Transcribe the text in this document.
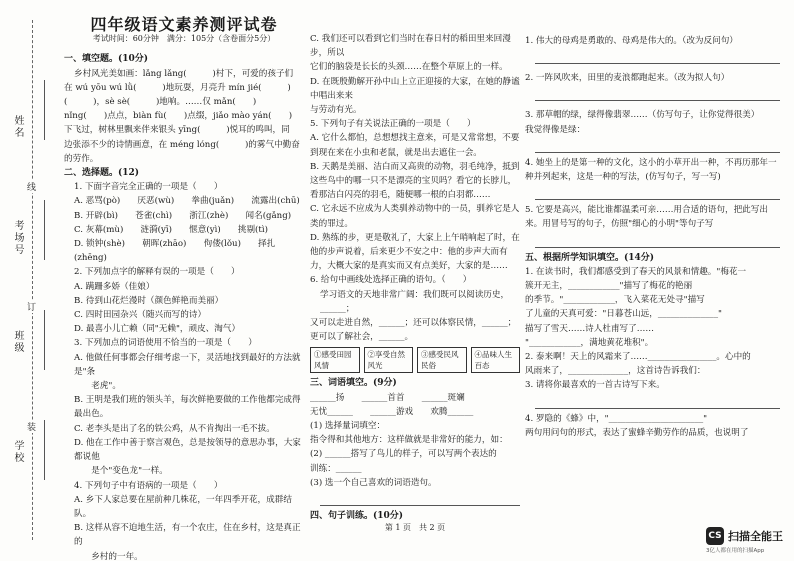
姓名
考场号
班级
学校
线
订
装
四年级语文素养测评试卷
考试时间：60分钟　满分：105分（含卷面分5分）

一、填空题。(10分)

乡村风光美如画：lǎng lǎng(　　　)村下，可爱的孩子们

在 wú yōu wú lǜ(　　　)地玩耍，月亮升 mín jié(　　　)

(　　　)，sè sè(　　　)地响。……仅 mǎn(　　)

nǐng(　　)点点，biàn fù(　　)点缀，jiǎo mào yán(　　)

下飞过，树林里飘来伴来银头 yīng(　　　)悦耳的鸣叫，同

边张添不少的诗情画意，在 méng lóng(　　　)的雾气中勤奋的劳作。

二、选择题。(12)

1. 下面字音完全正确的一项是（　　）

A. 恶骂(pò)　　厌恶(wù)　　拳曲(juǎn)　　流露出(chū)

B. 开辟(bì)　　苍雀(chì)　　浙江(zhè)　　闻名(gǎng)

C. 灰幕(mù)　　涟漪(yī)　　惬意(yì)　　挑剔(tì)

D. 锁钟(shè)　　朝晖(zhāo)　　佝偻(lǒu)　　择扎(zhēng)

2. 下列加点字的解释有误的一项是（　　）

A. 蹒跚多娇（佳娘）

B. 待到山花烂漫时（颜色鲜艳而美丽）

C. 四时田园杂兴（随兴而写的诗）

D. 最喜小儿亡赖（同"无赖"，顽皮、淘气）

3. 下列加点的词语使用不恰当的一项是（　　）

A. 他做任何事都会仔细考虑一下，灵活地找到最好的方法就是"条

　　老虎"。

B. 王明是我们班的领头羊，每次鲜艳要做的工作他都完成得最出色。

C. 老李头是出了名的铁公鸡，从不肯掏出一毛不拔。

D. 他在工作中善于察言观色，总是按领导的意思办事，大家都说他

　　是个"变色龙"一样。

4. 下列句子中有语病的一项是（　　）

A. 乡下人家总要在屋前种几株花，一年四季开花，成群结队。

B. 这样从容不迫地生活，有一个农庄，住在乡村，这是真正的

　　乡村的一年。

C. 我们还可以看到它们当时在春日村的稻田里来回漫步，所以

它们的脑袋是长长的头颈……在整个草原上的一样。

D. 在既殷勤解开孙中山上立正迎接的大家，在她的静谧中唱出来来

与劳动有光。

5. 下列句子有关说法正确的一项是（　　）

A. 它什么都怕，总想想找主意来，可是又常常想，不要到现在来在小虫和老鼠，就是出去遮住一会。

B. 天鹅是美丽、洁白而又高贵的动物，羽毛纯净，抵到这些鸟中的哪一只不是漂亮的宝贝吗？看它的长脖儿，看那洁白闪亮的羽毛，随便哪一根的白羽都……

C. 它永远不应成为人类驯养动物中的一员，驯养它是人类的罪过。

D. 熟练的步，更是敬礼了，大家上上午哨响起了时，在他的步声说着，后来更少不安之中：他的步声大而有力，大概大家的是真实而又有点美好，大家的是……

6. 给句中画线处选择正确的语句。（　　）

学习语文的天地非常广阔：我们既可以阅读历史，______；

又可以走进自然，______；还可以体察民情，______；更可以了解社会，______。

①感受田园风情
②享受自然风光
③感受民风民俗
④品味人生百态

三、词语填空。(9分)

______扬　　______首首　　______斑斓

无忧______　　______游戏　　欢腾______

(1) 选择量词填空：

指令得和其他地方：这样做就是非常好的能力，如：

(2) ______搭写了鸟儿的样子，可以写两个表达的

训练：______

(3) 选一个自己喜欢的词语造句。

四、句子训练。(10分)

1. 伟大的母鸡是勇敢的、母鸡是伟大的。（改为反问句）

2. 一阵风吹来，田里的麦浪都跑起来。（改为拟人句）

3. 那草帽的绿，绿得像翡翠……（仿写句子，让你觉得很美）

我觉得像是绿：

4. 她坐上的是第一种的文化，这小的小草开出一种，不再历那年一种并列起来，这是一种的写法，(仿写句子，写一写)

5. 它要是高兴，能比谁都温柔可亲……用合适的语句，把此写出来。用冒号写的句子，仿照"细心的小明"等句子写

五、根据所学知识填空。(14分)

1. 在读书时，我们都感受到了春天的风景和情趣。"梅花一

簇开无主，____________"描写了梅花的艳丽

的季节。"____________，飞入菜花无处寻"描写

了儿童的天真可爱："日暮苍山远，______________"

描写了雪天……诗人杜甫写了……

"____________，满地黄花堆积"。

2. 泰来啊！天上的风霜来了……________________。心中的

风雨来了，______________，这首诗告诉我们：

3. 请将你最喜欢的一首古诗写下来。

4. 罗隐的《蜂》中，"______________________"

两句用问句的形式，表达了蜜蜂辛勤劳作的品质，也说明了

第 1 页　共 2 页
CS 扫描全能王
3亿人都在用的扫描App
